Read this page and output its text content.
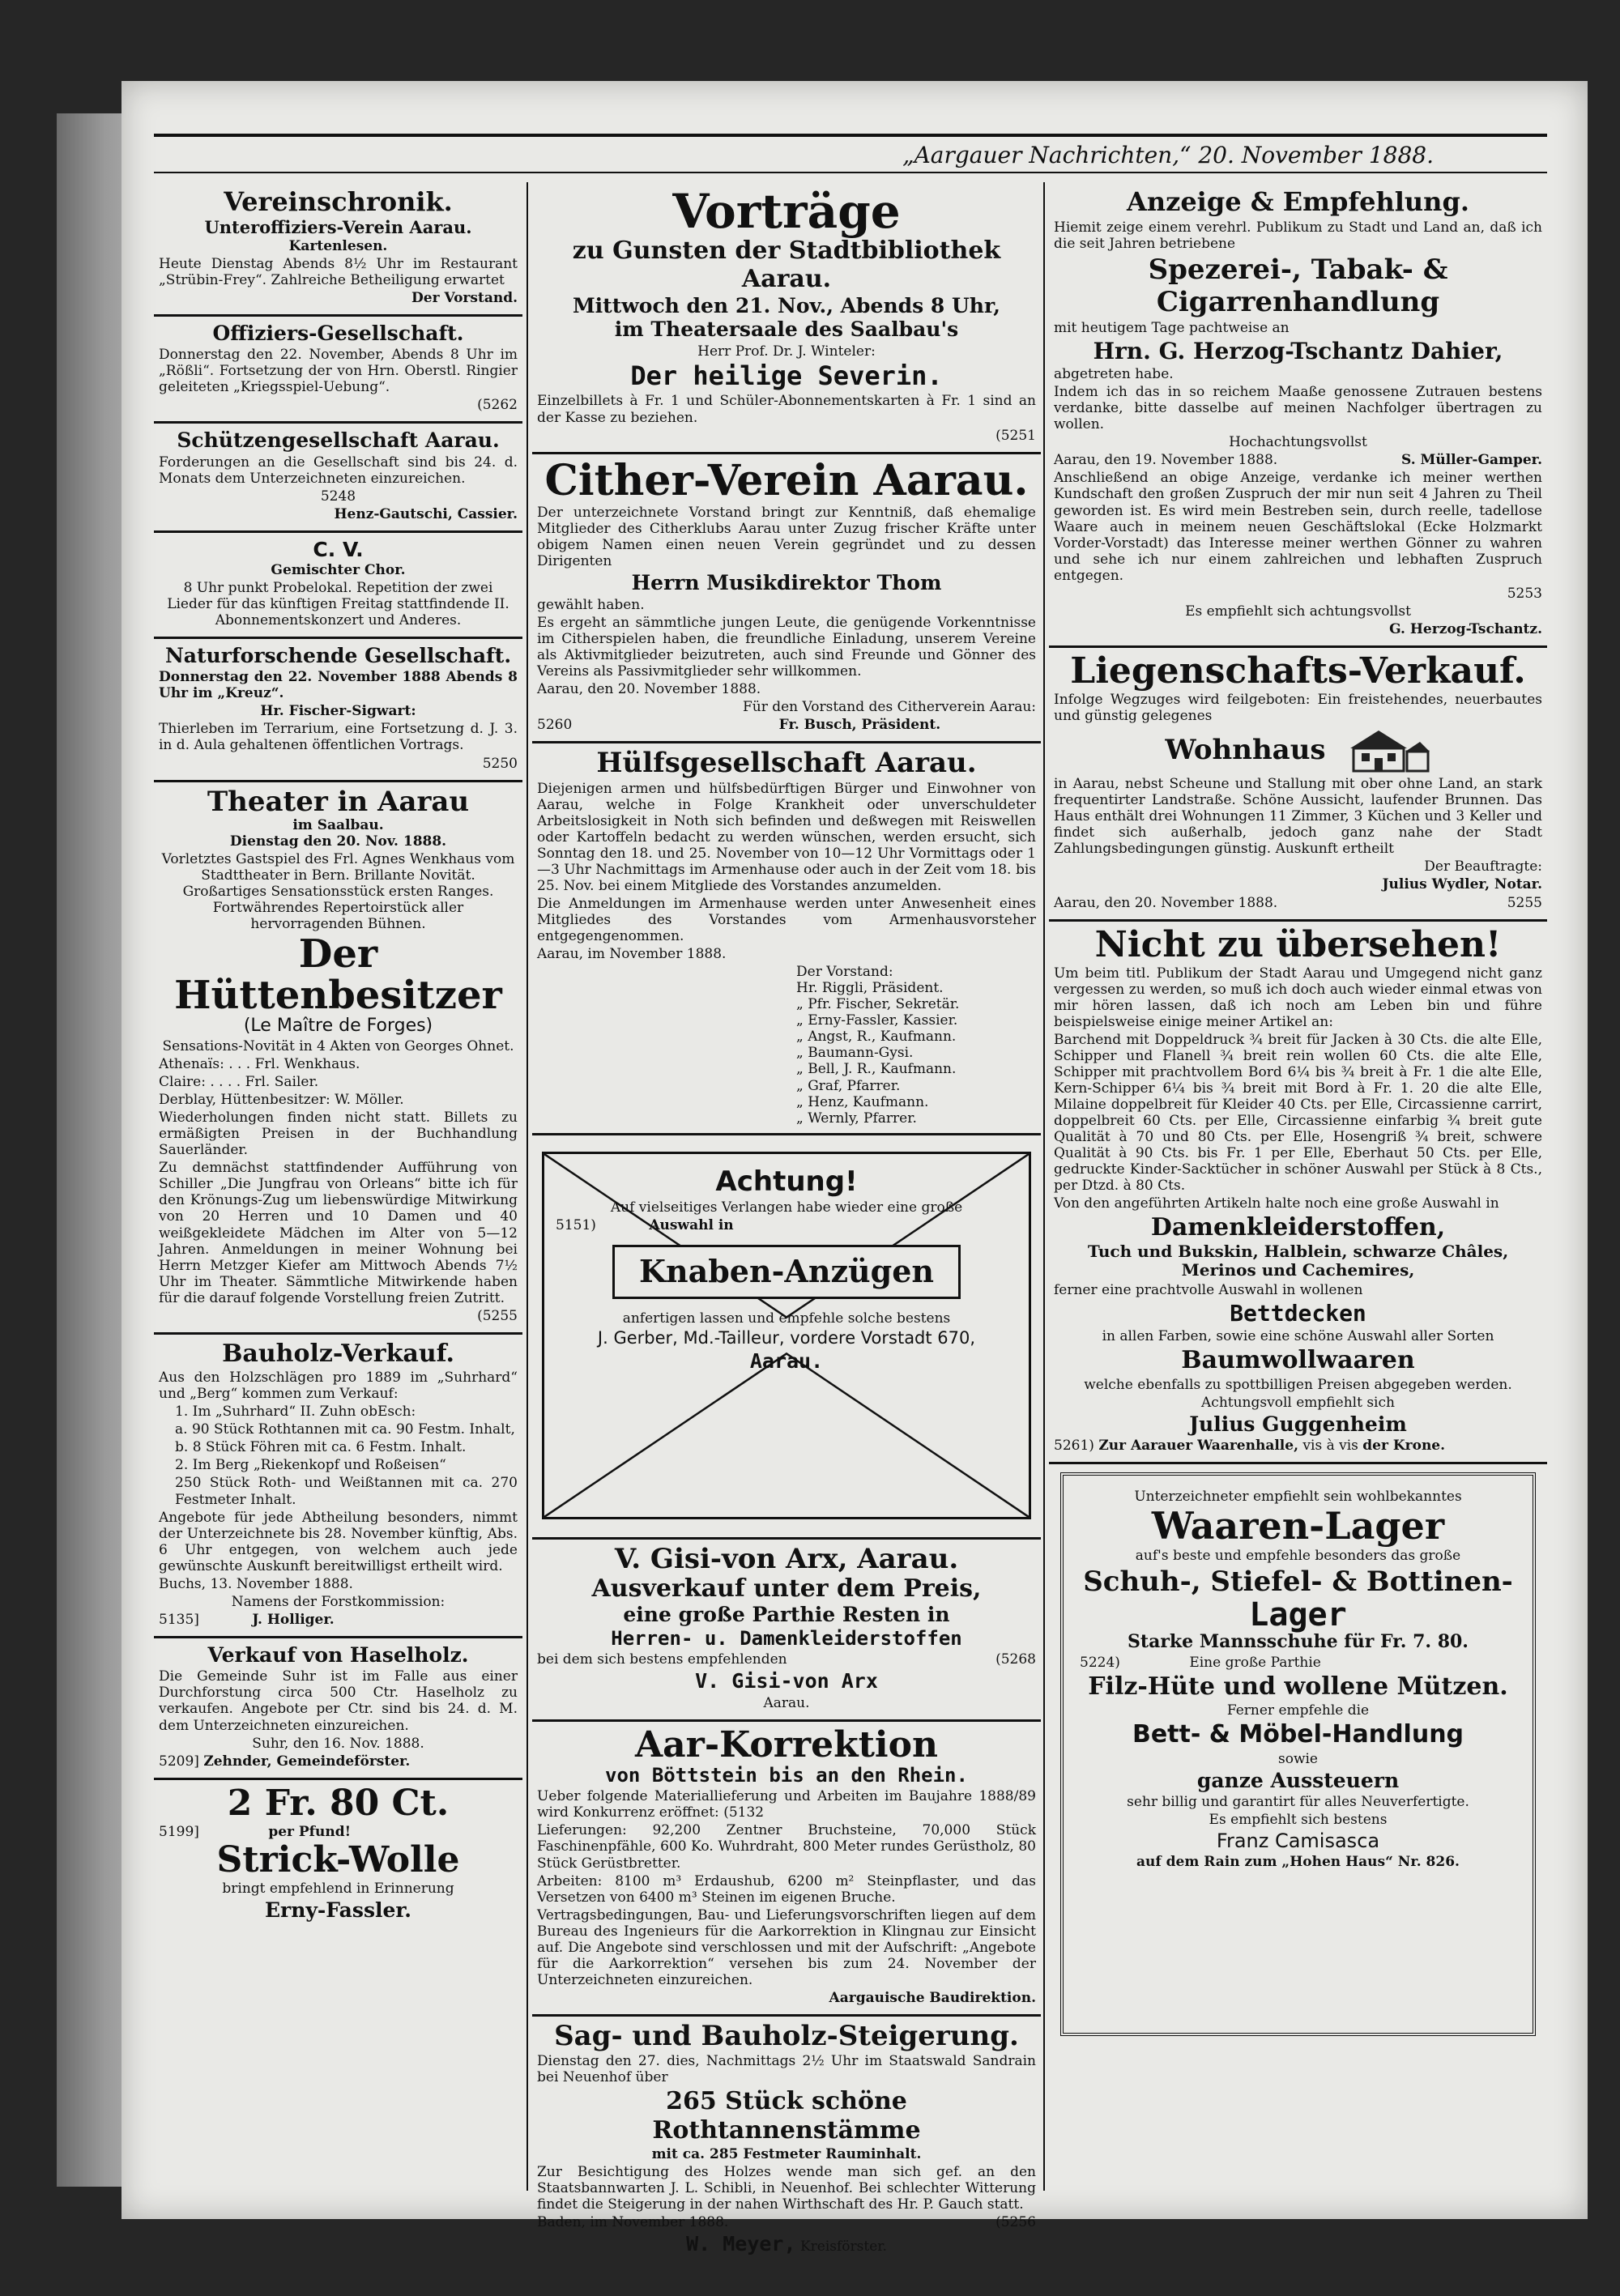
„Aargauer Nachrichten,“ 20. November 1888.
Vereinschronik.
Unteroffiziers-Verein Aarau.
Kartenlesen.

Heute Dienstag Abends 8½ Uhr im Restaurant „Strübin-Frey“. Zahlreiche Betheiligung erwartet

Der Vorstand.

Offiziers-Gesellschaft.

Donnerstag den 22. November, Abends 8 Uhr im „Rößli“. Fortsetzung der von Hrn. Oberstl. Ringier geleiteten „Kriegsspiel-Uebung“.

(5262

Schützengesellschaft Aarau.

Forderungen an die Gesellschaft sind bis 24. d. Monats dem Unterzeichneten einzureichen.

5248

Henz-Gautschi, Cassier.

C. V.
Gemischter Chor.

8 Uhr punkt Probelokal. Repetition der zwei Lieder für das künftigen Freitag stattfindende II. Abonnementskonzert und Anderes.

Naturforschende Gesellschaft.

Donnerstag den 22. November 1888 Abends 8 Uhr im „Kreuz“.

Hr. Fischer-Sigwart:

Thierleben im Terrarium, eine Fortsetzung d. J. 3. in d. Aula gehaltenen öffentlichen Vortrags.

5250

Theater in Aarau
im Saalbau.
Dienstag den 20. Nov. 1888.

Vorletztes Gastspiel des Frl. Agnes Wenkhaus vom Stadttheater in Bern. Brillante Novität. Großartiges Sensationsstück ersten Ranges. Fortwährendes Repertoirstück aller hervorragenden Bühnen.

Der Hüttenbesitzer
(Le Maître de Forges)

Sensations-Novität in 4 Akten von Georges Ohnet.

Athenaïs: . . . Frl. Wenkhaus.

Claire: . . . . Frl. Sailer.

Derblay, Hüttenbesitzer: W. Möller.

Wiederholungen finden nicht statt. Billets zu ermäßigten Preisen in der Buchhandlung Sauerländer.

Zu demnächst stattfindender Aufführung von Schiller „Die Jungfrau von Orleans“ bitte ich für den Krönungs-Zug um liebenswürdige Mitwirkung von 20 Herren und 10 Damen und 40 weißgekleidete Mädchen im Alter von 5—12 Jahren. Anmeldungen in meiner Wohnung bei Herrn Metzger Kiefer am Mittwoch Abends 7½ Uhr im Theater. Sämmtliche Mitwirkende haben für die darauf folgende Vorstellung freien Zutritt.

(5255

Bauholz-Verkauf.

Aus den Holzschlägen pro 1889 im „Suhrhard“ und „Berg“ kommen zum Verkauf:

1. Im „Suhrhard“ II. Zuhn obEsch:

a. 90 Stück Rothtannen mit ca. 90 Festm. Inhalt,

b. 8 Stück Föhren mit ca. 6 Festm. Inhalt.

2. Im Berg „Riekenkopf und Roßeisen“

250 Stück Roth- und Weißtannen mit ca. 270 Festmeter Inhalt.

Angebote für jede Abtheilung besonders, nimmt der Unterzeichnete bis 28. November künftig, Abs. 6 Uhr entgegen, von welchem auch jede gewünschte Auskunft bereitwilligst ertheilt wird.

Buchs, 13. November 1888.

Namens der Forstkommission:

5135]	J. Holliger.

Verkauf von Haselholz.

Die Gemeinde Suhr ist im Falle aus einer Durchforstung circa 500 Ctr. Haselholz zu verkaufen. Angebote per Ctr. sind bis 24. d. M. dem Unterzeichneten einzureichen.

Suhr, den 16. Nov. 1888.

5209] Zehnder, Gemeindeförster.

2 Fr. 80 Ct.

5199]	per Pfund!

Strick-Wolle

bringt empfehlend in Erinnerung

Erny-Fassler.
Vorträge
zu Gunsten der Stadtbibliothek Aarau.
Mittwoch den 21. Nov., Abends 8 Uhr,
im Theatersaale des Saalbau's

Herr Prof. Dr. J. Winteler:

Der heilige Severin.

Einzelbillets à Fr. 1 und Schüler-Abonnementskarten à Fr. 1 sind an der Kasse zu beziehen.

(5251

Cither-Verein Aarau.

Der unterzeichnete Vorstand bringt zur Kenntniß, daß ehemalige Mitglieder des Citherklubs Aarau unter Zuzug frischer Kräfte unter obigem Namen einen neuen Verein gegründet und zu dessen Dirigenten

Herrn Musikdirektor Thom

gewählt haben.

Es ergeht an sämmtliche jungen Leute, die genügende Vorkenntnisse im Citherspielen haben, die freundliche Einladung, unserem Vereine als Aktivmitglieder beizutreten, auch sind Freunde und Gönner des Vereins als Passivmitglieder sehr willkommen.

Aarau, den 20. November 1888.

Für den Vorstand des Citherverein Aarau:

5260	Fr. Busch, Präsident.

Hülfsgesellschaft Aarau.

Diejenigen armen und hülfsbedürftigen Bürger und Einwohner von Aarau, welche in Folge Krankheit oder unverschuldeter Arbeitslosigkeit in Noth sich befinden und deßwegen mit Reiswellen oder Kartoffeln bedacht zu werden wünschen, werden ersucht, sich Sonntag den 18. und 25. November von 10—12 Uhr Vormittags oder 1—3 Uhr Nachmittags im Armenhause oder auch in der Zeit vom 18. bis 25. Nov. bei einem Mitgliede des Vorstandes anzumelden.

Die Anmeldungen im Armenhause werden unter Anwesenheit eines Mitgliedes des Vorstandes vom Armenhausvorsteher entgegengenommen.

Aarau, im November 1888.

Der Vorstand:
Hr. Riggli, Präsident.
„ Pfr. Fischer, Sekretär.
„ Erny-Fassler, Kassier.
„ Angst, R., Kaufmann.
„ Baumann-Gysi.
„ Bell, J. R., Kaufmann.
„ Graf, Pfarrer.
„ Henz, Kaufmann.
„ Wernly, Pfarrer.
Achtung!

Auf vielseitiges Verlangen habe wieder eine große

5151)	Auswahl in

Knaben-Anzügen

anfertigen lassen und empfehle solche bestens

J. Gerber, Md.-Tailleur, vordere Vorstadt 670,

Aarau.
V. Gisi-von Arx, Aarau.
Ausverkauf unter dem Preis,
eine große Parthie Resten in
Herren- u. Damenkleiderstoffen

bei dem sich bestens empfehlenden	(5268

V. Gisi-von Arx

Aarau.

Aar-Korrektion
von Böttstein bis an den Rhein.

Ueber folgende Materiallieferung und Arbeiten im Baujahre 1888/89 wird Konkurrenz eröffnet: (5132

Lieferungen: 92,200 Zentner Bruchsteine, 70,000 Stück Faschinenpfähle, 600 Ko. Wuhrdraht, 800 Meter rundes Gerüstholz, 80 Stück Gerüstbretter.

Arbeiten: 8100 m³ Erdaushub, 6200 m² Steinpflaster, und das Versetzen von 6400 m³ Steinen im eigenen Bruche.

Vertragsbedingungen, Bau- und Lieferungsvorschriften liegen auf dem Bureau des Ingenieurs für die Aarkorrektion in Klingnau zur Einsicht auf. Die Angebote sind verschlossen und mit der Aufschrift: „Angebote für die Aarkorrektion“ versehen bis zum 24. November der Unterzeichneten einzureichen.

Aargauische Baudirektion.

Sag- und Bauholz-Steigerung.

Dienstag den 27. dies, Nachmittags 2½ Uhr im Staatswald Sandrain bei Neuenhof über

265 Stück schöne Rothtannenstämme

mit ca. 285 Festmeter Rauminhalt.

Zur Besichtigung des Holzes wende man sich gef. an den Staatsbannwarten J. L. Schibli, in Neuenhof. Bei schlechter Witterung findet die Steigerung in der nahen Wirthschaft des Hr. P. Gauch statt.

Baden, im November 1888.	(5256

W. Meyer, Kreisförster.
Anzeige & Empfehlung.

Hiemit zeige einem verehrl. Publikum zu Stadt und Land an, daß ich die seit Jahren betriebene

Spezerei-, Tabak- & Cigarrenhandlung

mit heutigem Tage pachtweise an

Hrn. G. Herzog-Tschantz Dahier,

abgetreten habe.

Indem ich das in so reichem Maaße genossene Zutrauen bestens verdanke, bitte dasselbe auf meinen Nachfolger übertragen zu wollen.

Hochachtungsvollst

Aarau, den 19. November 1888.	S. Müller-Gamper.

Anschließend an obige Anzeige, verdanke ich meiner werthen Kundschaft den großen Zuspruch der mir nun seit 4 Jahren zu Theil geworden ist. Es wird mein Bestreben sein, durch reelle, tadellose Waare auch in meinem neuen Geschäftslokal (Ecke Holzmarkt Vorder-Vorstadt) das Interesse meiner werthen Gönner zu wahren und sehe ich nur einem zahlreichen und lebhaften Zuspruch entgegen.

5253

Es empfiehlt sich achtungsvollst

G. Herzog-Tschantz.

Liegenschafts-Verkauf.

Infolge Wegzuges wird feilgeboten: Ein freistehendes, neuerbautes und günstig gelegenes

Wohnhaus

in Aarau, nebst Scheune und Stallung mit ober ohne Land, an stark frequentirter Landstraße. Schöne Aussicht, laufender Brunnen. Das Haus enthält drei Wohnungen 11 Zimmer, 3 Küchen und 3 Keller und findet sich außerhalb, jedoch ganz nahe der Stadt Zahlungsbedingungen günstig. Auskunft ertheilt

Der Beauftragte:

Julius Wydler, Notar.

Aarau, den 20. November 1888.	5255

Nicht zu übersehen!

Um beim titl. Publikum der Stadt Aarau und Umgegend nicht ganz vergessen zu werden, so muß ich doch auch wieder einmal etwas von mir hören lassen, daß ich noch am Leben bin und führe beispielsweise einige meiner Artikel an:

Barchend mit Doppeldruck ¾ breit für Jacken à 30 Cts. die alte Elle, Schipper und Flanell ¾ breit rein wollen 60 Cts. die alte Elle, Schipper mit prachtvollem Bord 6¼ bis ¾ breit à Fr. 1 die alte Elle, Kern-Schipper 6¼ bis ¾ breit mit Bord à Fr. 1. 20 die alte Elle, Milaine doppelbreit für Kleider 40 Cts. per Elle, Circassienne carrirt, doppelbreit 60 Cts. per Elle, Circassienne einfarbig ¾ breit gute Qualität à 70 und 80 Cts. per Elle, Hosengriß ¾ breit, schwere Qualität à 90 Cts. bis Fr. 1 per Elle, Eberhaut 50 Cts. per Elle, gedruckte Kinder-Sacktücher in schöner Auswahl per Stück à 8 Cts., per Dtzd. à 80 Cts.

Von den angeführten Artikeln halte noch eine große Auswahl in

Damenkleiderstoffen,
Tuch und Bukskin, Halblein, schwarze Châles, Merinos und Cachemires,

ferner eine prachtvolle Auswahl in wollenen

Bettdecken

in allen Farben, sowie eine schöne Auswahl aller Sorten

Baumwollwaaren

welche ebenfalls zu spottbilligen Preisen abgegeben werden.

Achtungsvoll empfiehlt sich

Julius Guggenheim

5261) Zur Aarauer Waarenhalle, vis à vis der Krone.

Unterzeichneter empfiehlt sein wohlbekanntes

Waaren-Lager

auf's beste und empfehle besonders das große

Schuh-, Stiefel- & Bottinen-
Lager
Starke Mannsschuhe für Fr. 7. 80.

5224)	Eine große Parthie

Filz-Hüte und wollene Mützen.

Ferner empfehle die

Bett- & Möbel-Handlung

sowie

ganze Aussteuern

sehr billig und garantirt für alles Neuverfertigte.

Es empfiehlt sich bestens

Franz Camisasca

auf dem Rain zum „Hohen Haus“ Nr. 826.
